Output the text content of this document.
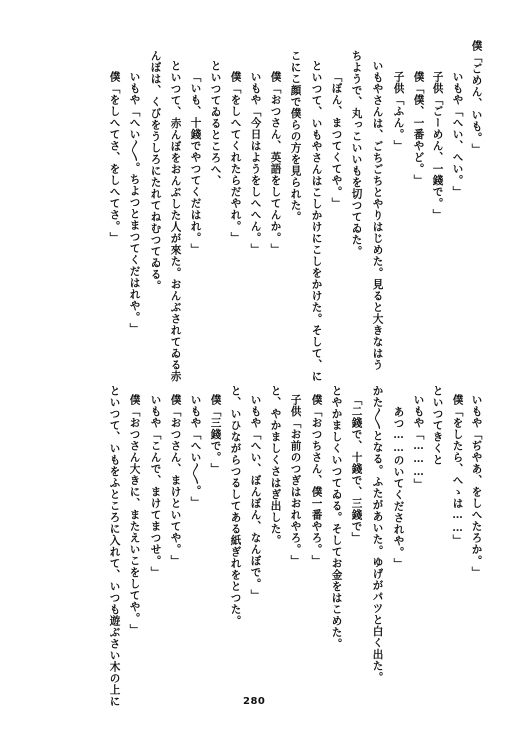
僕「ごめん、いも。」
いもや「へい、へい。」
子供「ごーめん、一錢で。」
僕「僕、一番やど。」
子供「ふん。」
いもやさんは、ごちごちとやりはじめた。見ると大きなはう
ちようで、丸っこいいもを切つてゐた。
「ぼん、まつてくてや。」
といつて、いもやさんはこしかけにこしをかけた。そして、に
こにこ顔で僕らの方を見られた。
僕「おつさん、英語をしてんか。」
いもや「今日はようをしへへん。」
僕「をしへてくれたらだやれ。」
といつてゐるところへ、
「いも、十錢でやつてくだはれ。」
といつて、赤んぼをおんぶした人が來た。おんぶされてゐる赤
んぼは、くびをうしろにたれてねむつてゐる。
いもや「へい〳〵。ちよつとまつてくだはれや。」
僕「をしへてさ、をしへてさ。」
いもや「ぢやあ、をしへたろか。」
僕「をしたら、へゝは……」
といつてきくと
いもや「………」
あつ……のいてくだされや。」
かた〳〵となる。ふたがあいた。ゆげがパツと白く出た。
「二錢で、十錢で、三錢で」
とやかましくいつてゐる。そしてお金をはこめた。
僕「おつちさん、僕一番やろ。」
子供「お前のつぎはおれやろ。」
と、やかましくさはぎ出した。
いもや「へい、ぼんぼん、なんぼで。」
と、いひながらつるしてある紙ぎれをとつた。
僕「三錢で。」
いもや「へい〳〵。」
僕「おつさん、まけといてや。」
いもや「こんで、まけてまつせ。」
僕「おつさん大きに、またえいこをしてや。」
といつて、いもをふところに入れて、いつも遊ぶさい木の上に	280
